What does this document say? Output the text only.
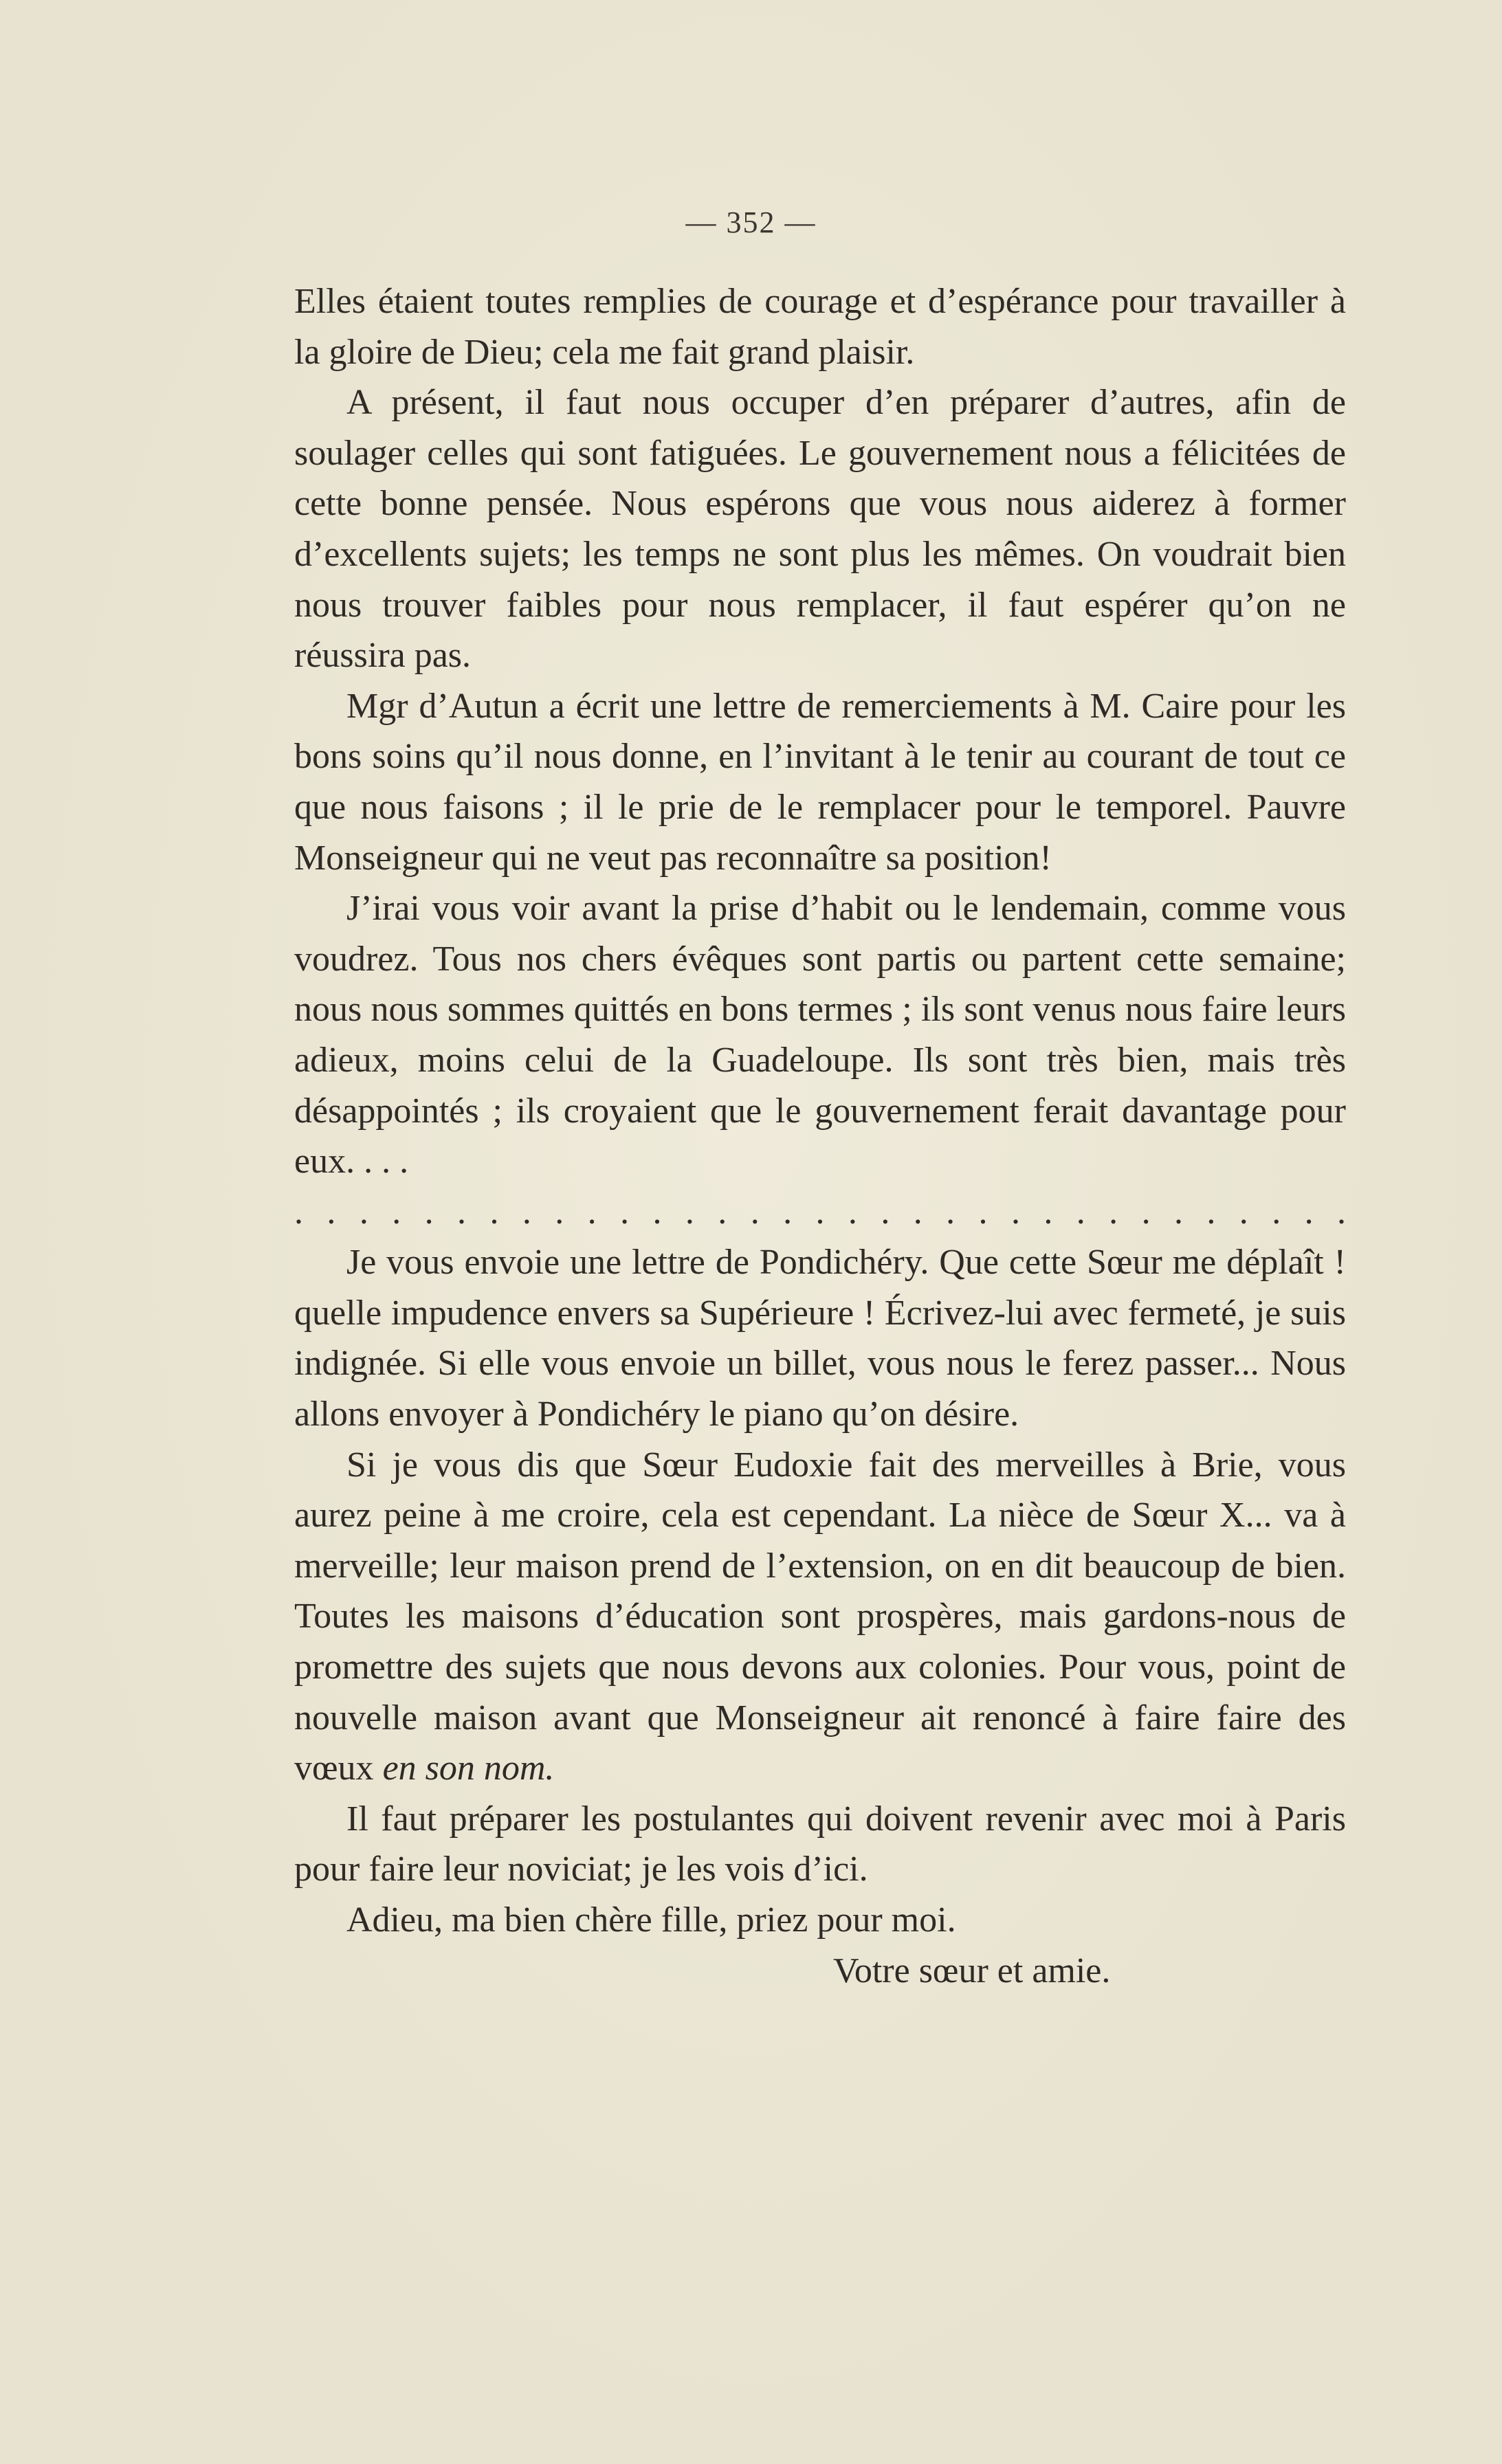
— 352 —

Elles étaient toutes remplies de courage et d’espérance pour travailler à la gloire de Dieu; cela me fait grand plaisir.

A présent, il faut nous occuper d’en préparer d’autres, afin de soulager celles qui sont fatiguées. Le gouvernement nous a félicitées de cette bonne pensée. Nous espérons que vous nous aiderez à former d’excellents sujets; les temps ne sont plus les mêmes. On voudrait bien nous trouver faibles pour nous remplacer, il faut espérer qu’on ne réussira pas.

Mgr d’Autun a écrit une lettre de remerciements à M. Caire pour les bons soins qu’il nous donne, en l’invitant à le tenir au courant de tout ce que nous faisons ; il le prie de le remplacer pour le temporel. Pauvre Monseigneur qui ne veut pas reconnaître sa position!

J’irai vous voir avant la prise d’habit ou le lendemain, comme vous voudrez. Tous nos chers évêques sont partis ou partent cette semaine; nous nous sommes quittés en bons termes ; ils sont venus nous faire leurs adieux, moins celui de la Guadeloupe. Ils sont très bien, mais très désappointés ; ils croyaient que le gouvernement ferait davantage pour eux. . . .

. . . . . . . . . . . . . . . . . . . . . . . . . . . . . . . . .

Je vous envoie une lettre de Pondichéry. Que cette Sœur me déplaît ! quelle impudence envers sa Supérieure ! Écrivez-lui avec fermeté, je suis indignée. Si elle vous envoie un billet, vous nous le ferez passer... Nous allons envoyer à Pondichéry le piano qu’on désire.

Si je vous dis que Sœur Eudoxie fait des merveilles à Brie, vous aurez peine à me croire, cela est cependant. La nièce de Sœur X... va à merveille; leur maison prend de l’extension, on en dit beaucoup de bien. Toutes les maisons d’éducation sont prospères, mais gardons-nous de promettre des sujets que nous devons aux colonies. Pour vous, point de nouvelle maison avant que Monseigneur ait renoncé à faire faire des vœux en son nom.

Il faut préparer les postulantes qui doivent revenir avec moi à Paris pour faire leur noviciat; je les vois d’ici.

Adieu, ma bien chère fille, priez pour moi.

Votre sœur et amie.
